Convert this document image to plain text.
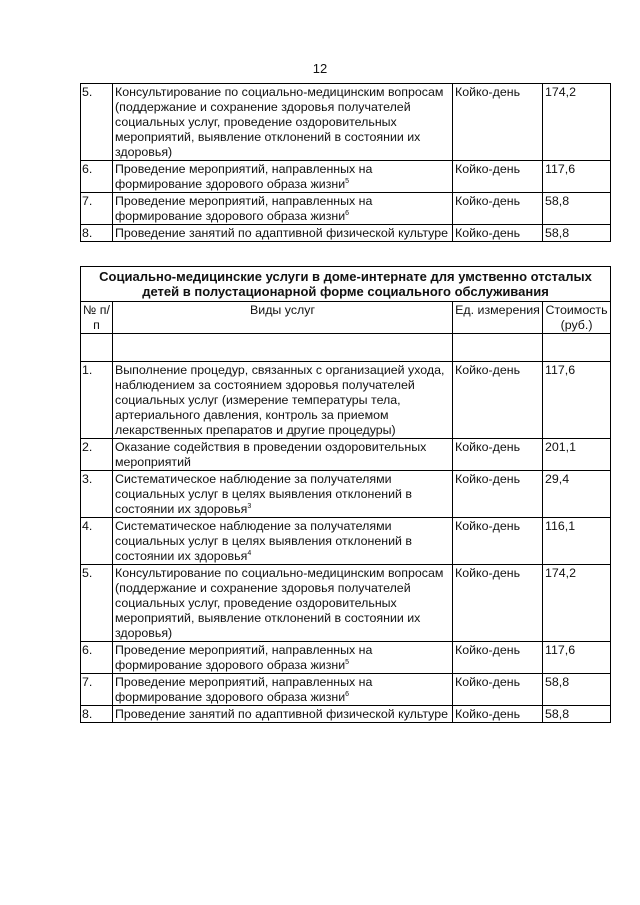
12
5.	Консультирование по социально-медицинским вопросам (поддержание и сохранение здоровья получателей социальных услуг, проведение оздоровительных мероприятий, выявление отклонений в состоянии их здоровья)	Койко-день	174,2
6.	Проведение мероприятий, направленных на формирование здорового образа жизни$^5$	Койко-день	117,6
7.	Проведение мероприятий, направленных на формирование здорового образа жизни$^6$	Койко-день	58,8
8.	Проведение занятий по адаптивной физической культуре	Койко-день	58,8
Социально-медицинские услуги в доме-интернате для умственно отсталых детей в полустационарной форме социального обслуживания			
№ п/п	Виды услуг	Ед. измерения	Стоимость (руб.)

1.	Выполнение процедур, связанных с организацией ухода, наблюдением за состоянием здоровья получателей социальных услуг (измерение температуры тела, артериального давления, контроль за приемом лекарственных препаратов и другие процедуры)	Койко-день	117,6
2.	Оказание содействия в проведении оздоровительных мероприятий	Койко-день	201,1
3.	Систематическое наблюдение за получателями социальных услуг в целях выявления отклонений в состоянии их здоровья$^3$	Койко-день	29,4
4.	Систематическое наблюдение за получателями социальных услуг в целях выявления отклонений в состоянии их здоровья$^4$	Койко-день	116,1
5.	Консультирование по социально-медицинским вопросам (поддержание и сохранение здоровья получателей социальных услуг, проведение оздоровительных мероприятий, выявление отклонений в состоянии их здоровья)	Койко-день	174,2
6.	Проведение мероприятий, направленных на формирование здорового образа жизни$^5$	Койко-день	117,6
7.	Проведение мероприятий, направленных на формирование здорового образа жизни$^6$	Койко-день	58,8
8.	Проведение занятий по адаптивной физической культуре	Койко-день	58,8
